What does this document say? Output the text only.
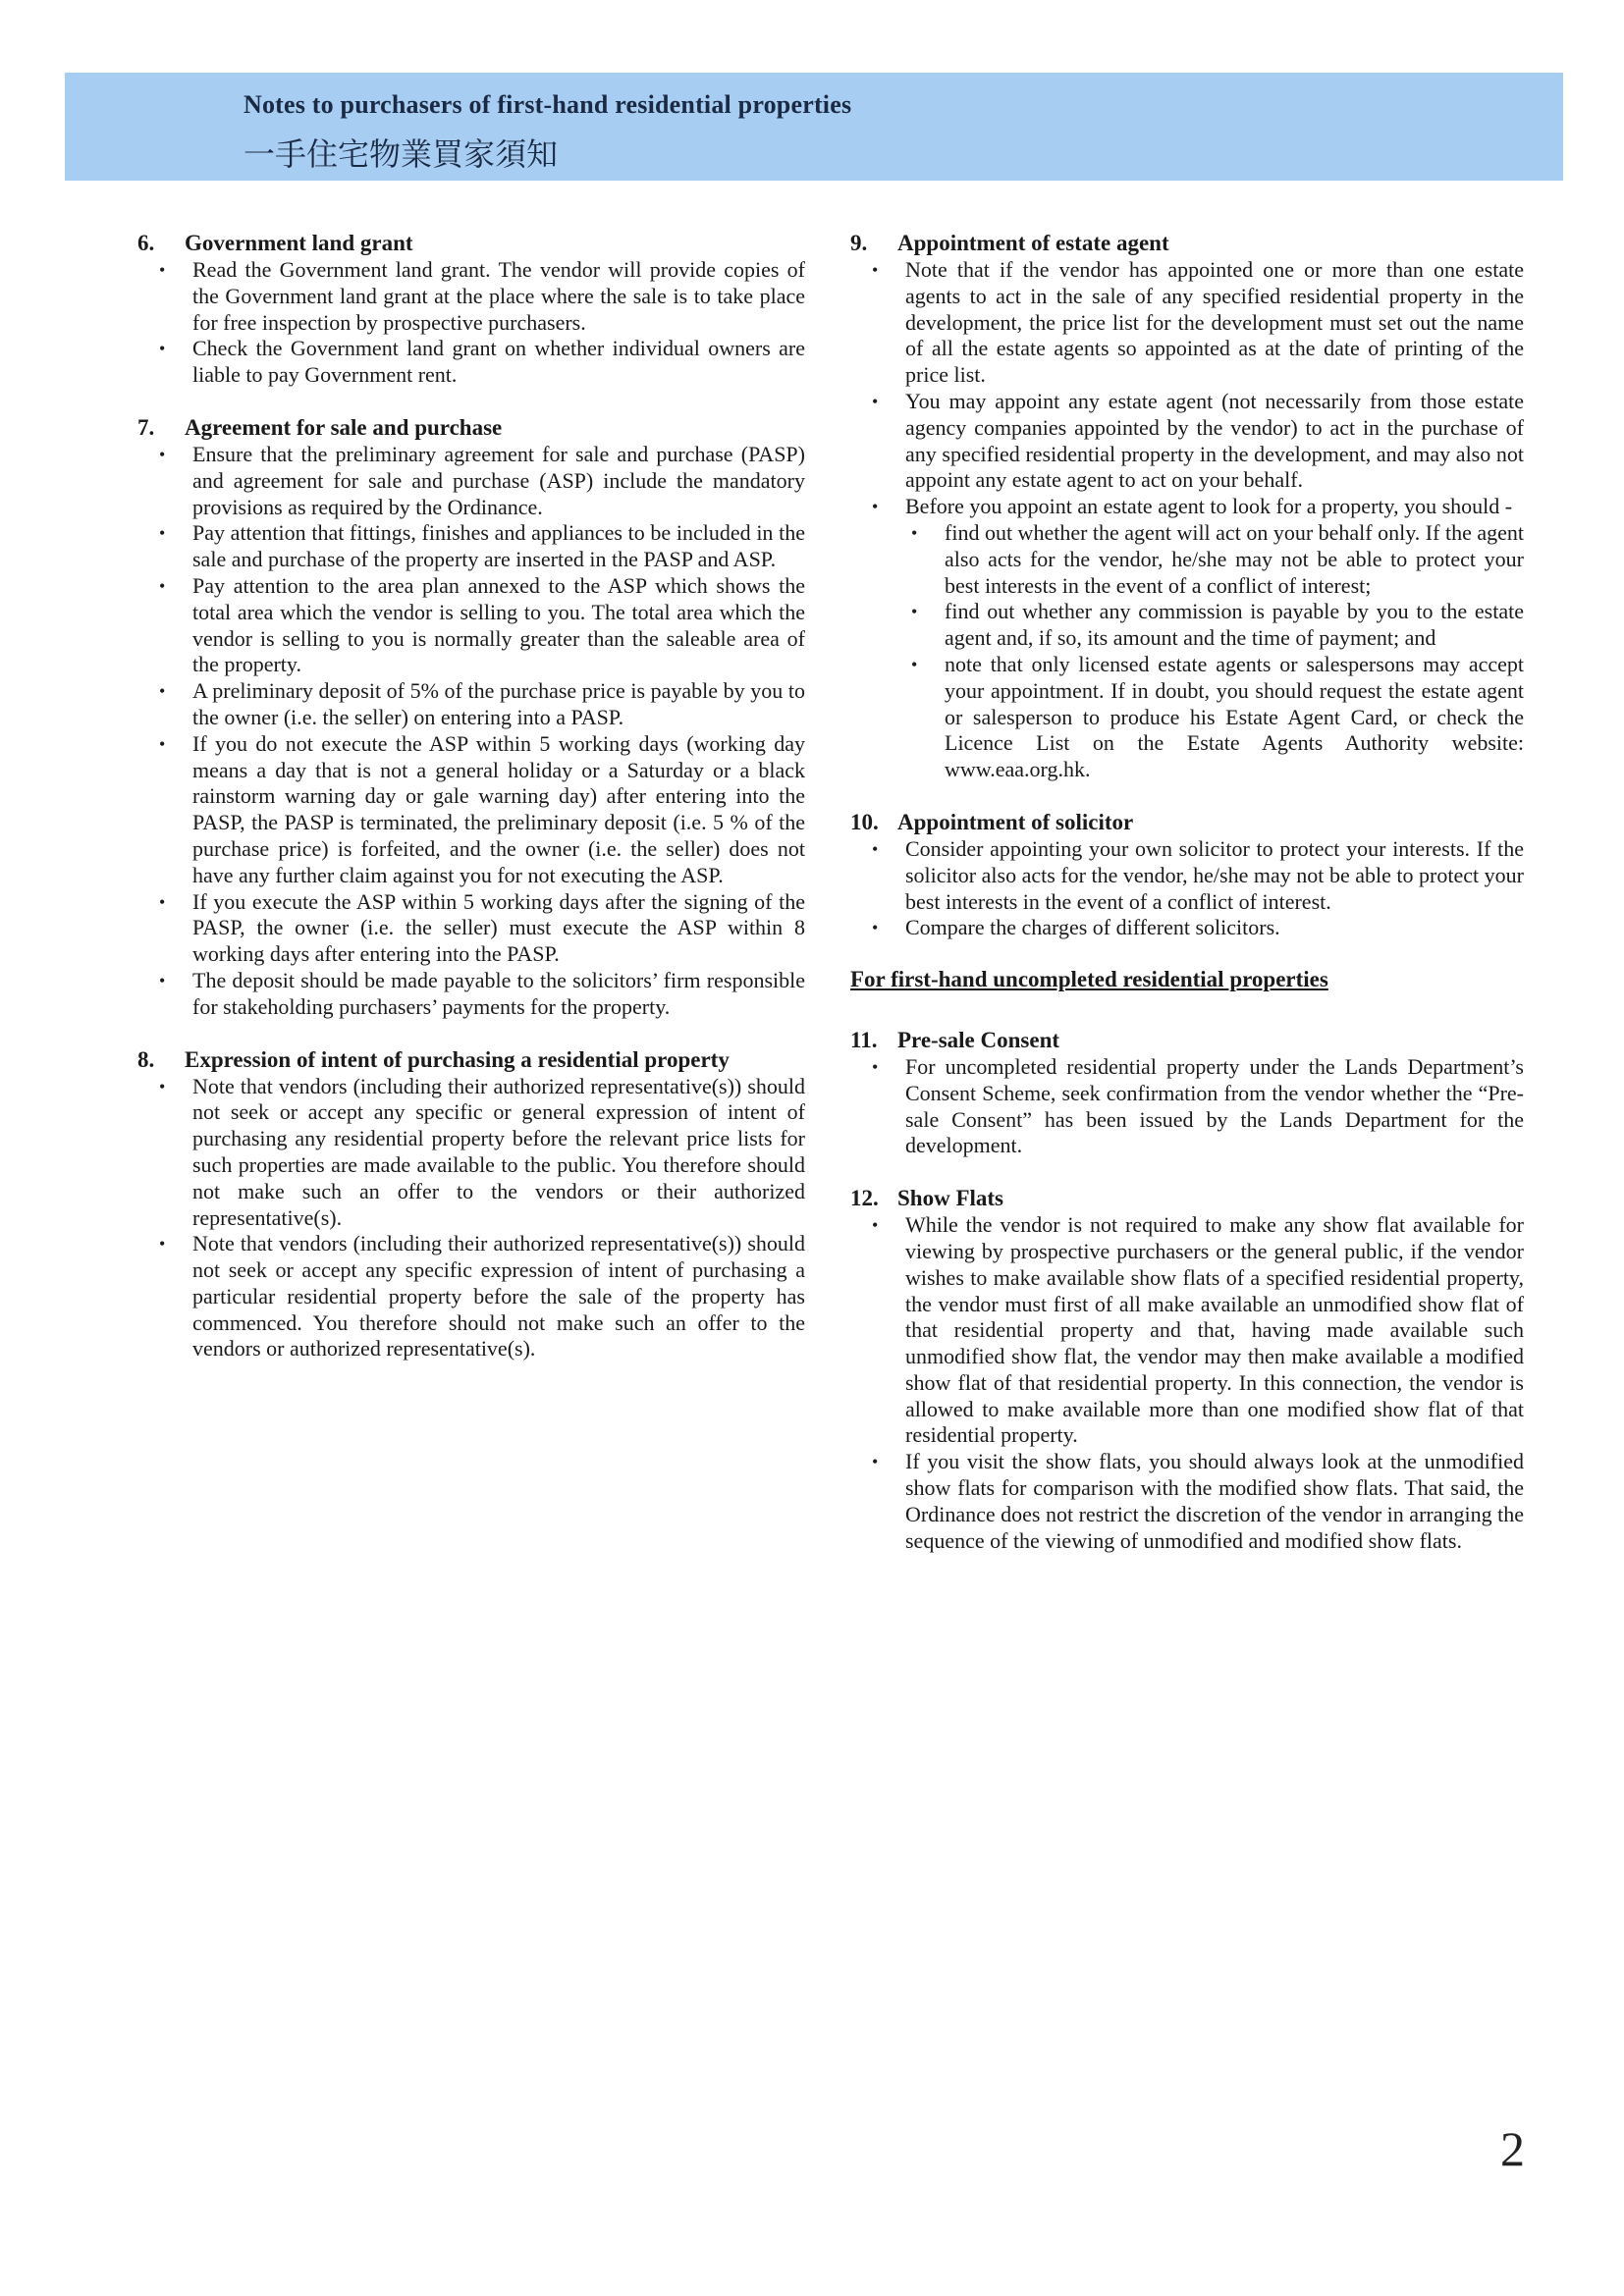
Notes to purchasers of first-hand residential properties
一手住宅物業買家須知
6.	Government land grant
• Read the Government land grant. The vendor will provide copies of the Government land grant at the place where the sale is to take place for free inspection by prospective purchasers.
• Check the Government land grant on whether individual owners are liable to pay Government rent.
7.	Agreement for sale and purchase
• Ensure that the preliminary agreement for sale and purchase (PASP) and agreement for sale and purchase (ASP) include the mandatory provisions as required by the Ordinance.
• Pay attention that fittings, finishes and appliances to be included in the sale and purchase of the property are inserted in the PASP and ASP.
• Pay attention to the area plan annexed to the ASP which shows the total area which the vendor is selling to you. The total area which the vendor is selling to you is normally greater than the saleable area of the property.
• A preliminary deposit of 5% of the purchase price is payable by you to the owner (i.e. the seller) on entering into a PASP.
• If you do not execute the ASP within 5 working days (working day means a day that is not a general holiday or a Saturday or a black rainstorm warning day or gale warning day) after entering into the PASP, the PASP is terminated, the preliminary deposit (i.e. 5 % of the purchase price) is forfeited, and the owner (i.e. the seller) does not have any further claim against you for not executing the ASP.
• If you execute the ASP within 5 working days after the signing of the PASP, the owner (i.e. the seller) must execute the ASP within 8 working days after entering into the PASP.
• The deposit should be made payable to the solicitors’ firm responsible for stakeholding purchasers’ payments for the property.
8.	Expression of intent of purchasing a residential property
• Note that vendors (including their authorized representative(s)) should not seek or accept any specific or general expression of intent of purchasing any residential property before the relevant price lists for such properties are made available to the public. You therefore should not make such an offer to the vendors or their authorized representative(s).
• Note that vendors (including their authorized representative(s)) should not seek or accept any specific expression of intent of purchasing a particular residential property before the sale of the property has commenced. You therefore should not make such an offer to the vendors or authorized representative(s).
9.	Appointment of estate agent
• Note that if the vendor has appointed one or more than one estate agents to act in the sale of any specified residential property in the development, the price list for the development must set out the name of all the estate agents so appointed as at the date of printing of the price list.
• You may appoint any estate agent (not necessarily from those estate agency companies appointed by the vendor) to act in the purchase of any specified residential property in the development, and may also not appoint any estate agent to act on your behalf.
• Before you appoint an estate agent to look for a property, you should -
• find out whether the agent will act on your behalf only. If the agent also acts for the vendor, he/she may not be able to protect your best interests in the event of a conflict of interest;
• find out whether any commission is payable by you to the estate agent and, if so, its amount and the time of payment; and
• note that only licensed estate agents or salespersons may accept your appointment. If in doubt, you should request the estate agent or salesperson to produce his Estate Agent Card, or check the Licence List on the Estate Agents Authority website: www.eaa.org.hk.
10. Appointment of solicitor
• Consider appointing your own solicitor to protect your interests. If the solicitor also acts for the vendor, he/she may not be able to protect your best interests in the event of a conflict of interest.
• Compare the charges of different solicitors.
For first-hand uncompleted residential properties
11. Pre-sale Consent
• For uncompleted residential property under the Lands Department’s Consent Scheme, seek confirmation from the vendor whether the “Pre-sale Consent” has been issued by the Lands Department for the development.
12. Show Flats
• While the vendor is not required to make any show flat available for viewing by prospective purchasers or the general public, if the vendor wishes to make available show flats of a specified residential property, the vendor must first of all make available an unmodified show flat of that residential property and that, having made available such unmodified show flat, the vendor may then make available a modified show flat of that residential property. In this connection, the vendor is allowed to make available more than one modified show flat of that residential property.
• If you visit the show flats, you should always look at the unmodified show flats for comparison with the modified show flats. That said, the Ordinance does not restrict the discretion of the vendor in arranging the sequence of the viewing of unmodified and modified show flats.
2
